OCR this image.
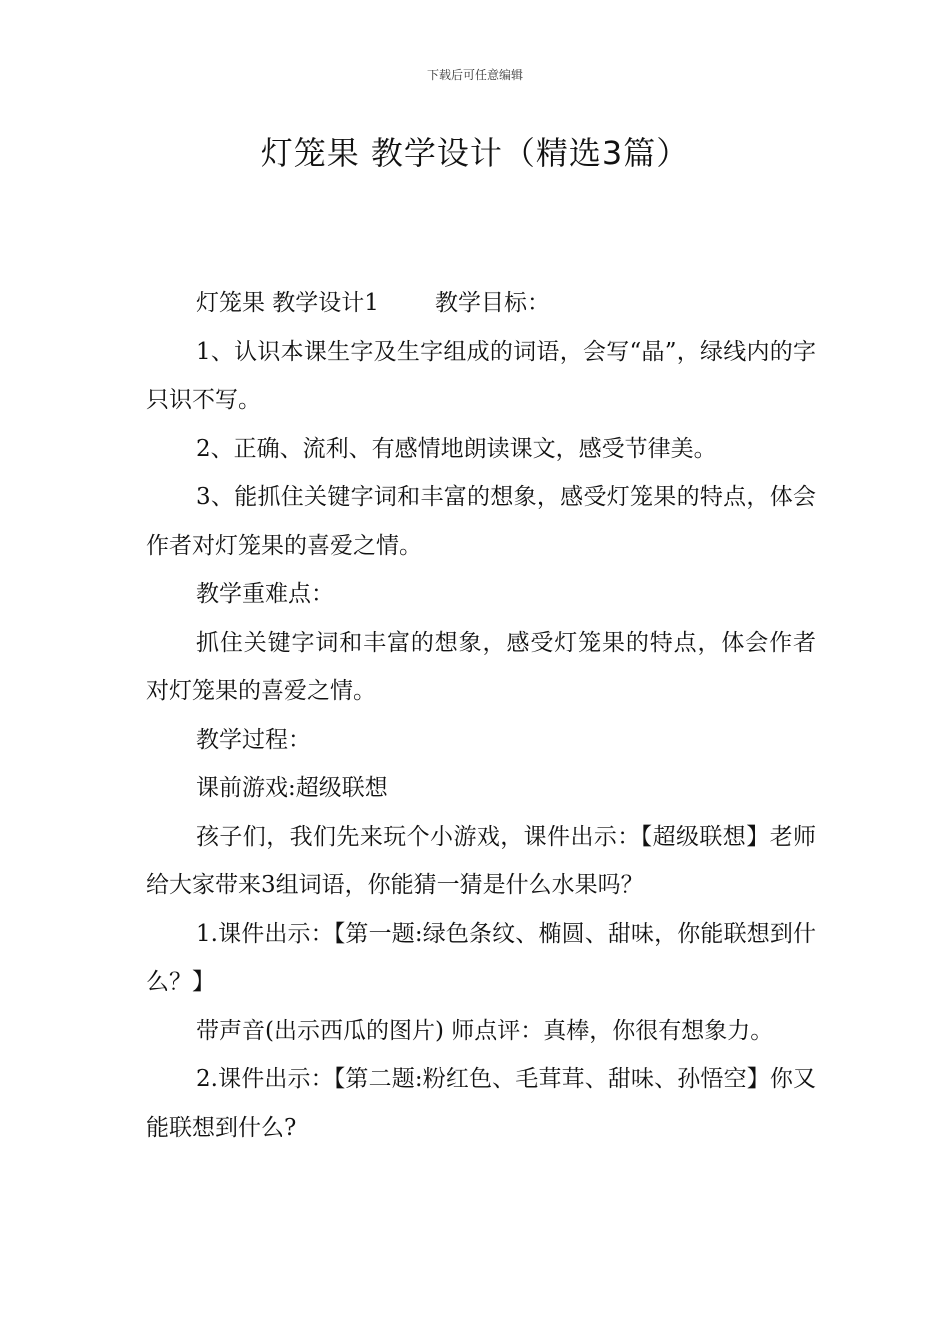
下载后可任意编辑
灯笼果 教学设计（精选3篇）

灯笼果 教学设计1 教学目标：

1、认识本课生字及生字组成的词语，会写“晶”，绿线内的字只识不写。

2、正确、流利、有感情地朗读课文，感受节律美。

3、能抓住关键字词和丰富的想象，感受灯笼果的特点，体会作者对灯笼果的喜爱之情。

教学重难点：

抓住关键字词和丰富的想象，感受灯笼果的特点，体会作者对灯笼果的喜爱之情。

教学过程：

课前游戏:超级联想

孩子们，我们先来玩个小游戏，课件出示：【超级联想】老师给大家带来3组词语，你能猜一猜是什么水果吗？

1.课件出示：【第一题:绿色条纹、椭圆、甜味，你能联想到什么？】

带声音(出示西瓜的图片) 师点评：真棒，你很有想象力。

2.课件出示：【第二题:粉红色、毛茸茸、甜味、孙悟空】你又能联想到什么?
